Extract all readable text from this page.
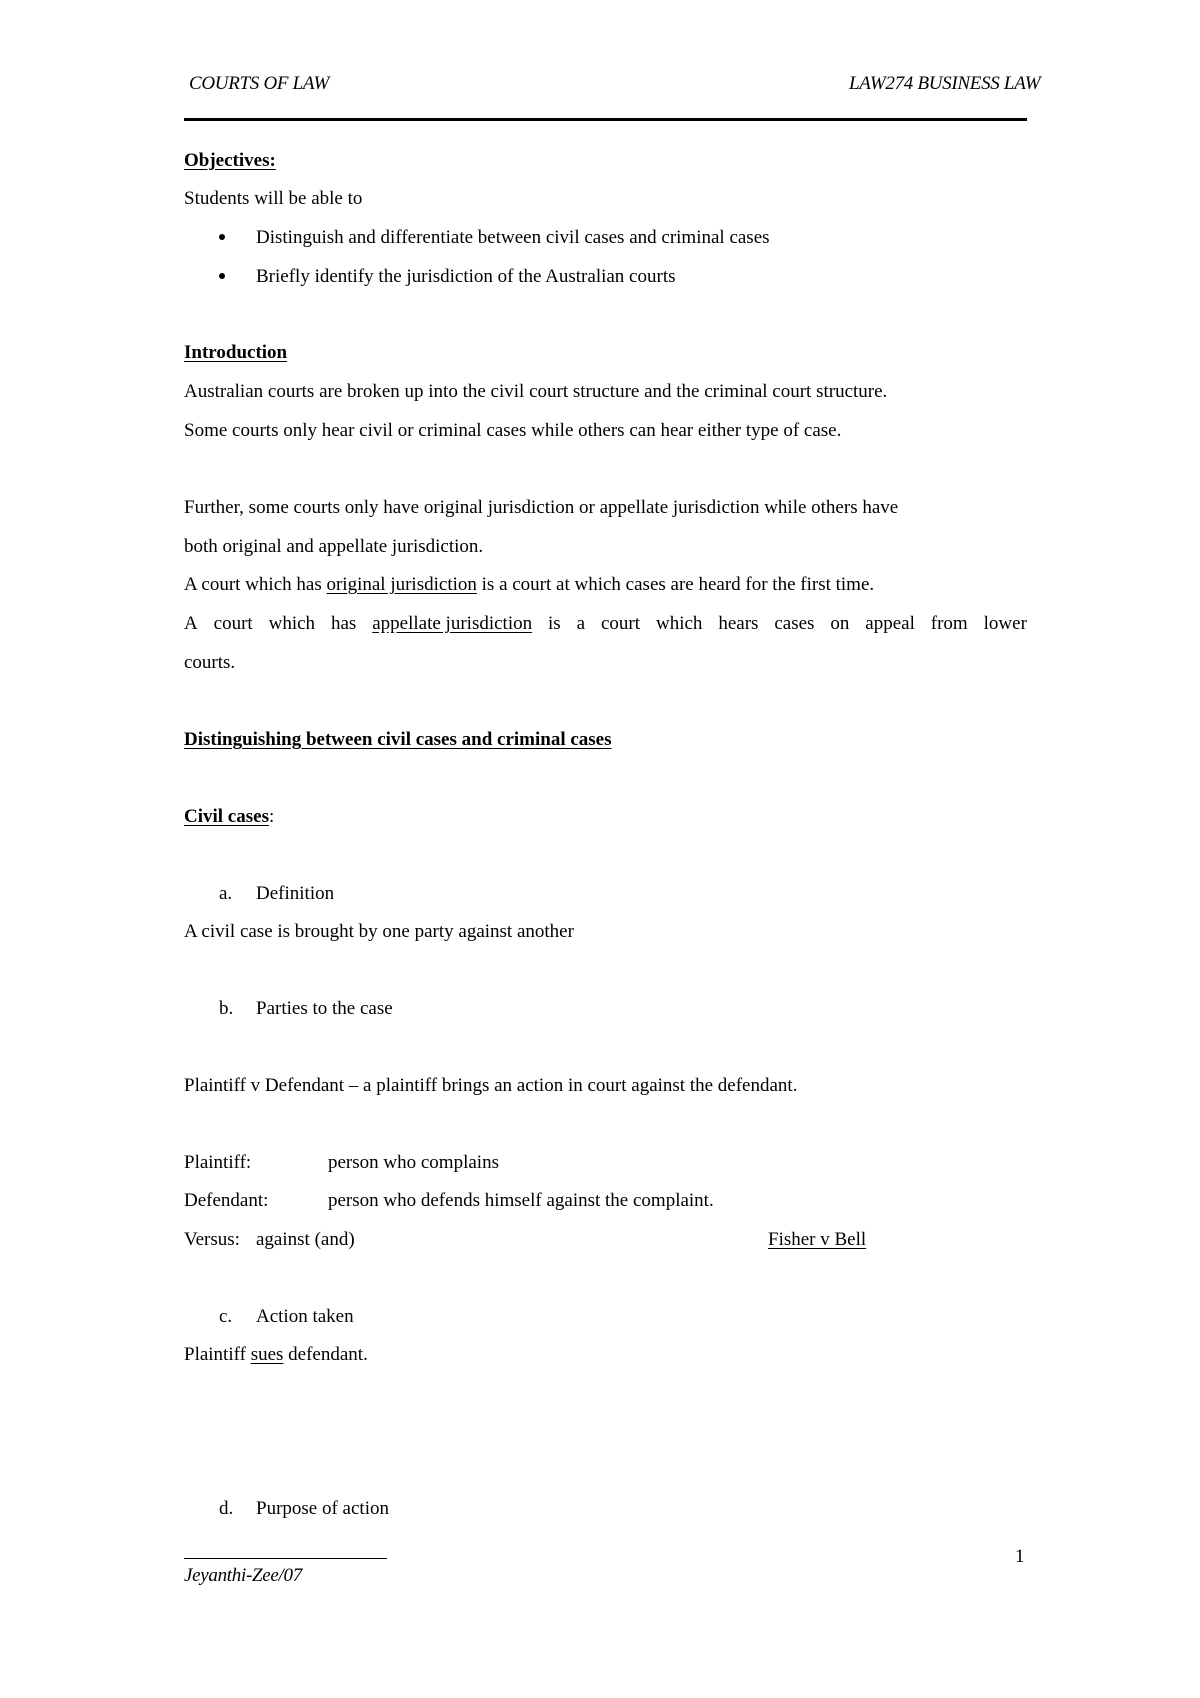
COURTS OF LAW	LAW274 BUSINESS LAW
Objectives:
Students will be able to
Distinguish and differentiate between civil cases and criminal cases
Briefly identify the jurisdiction of the Australian courts
Introduction
Australian courts are broken up into the civil court structure and the criminal court structure.
Some courts only hear civil or criminal cases while others can hear either type of case.
Further, some courts only have original jurisdiction or appellate jurisdiction while others have
both original and appellate jurisdiction.
A court which has original jurisdiction is a court at which cases are heard for the first time.
A court which has appellate jurisdiction is a court which hears cases on appeal from lower
courts.
Distinguishing between civil cases and criminal cases
Civil cases:
a. Definition
A civil case is brought by one party against another
b. Parties to the case
Plaintiff v Defendant – a plaintiff brings an action in court against the defendant.
Plaintiff:	person who complains
Defendant:	person who defends himself against the complaint.
Versus: against (and)	Fisher v Bell
c. Action taken
Plaintiff sues defendant.
d. Purpose of action
1
Jeyanthi-Zee/07
